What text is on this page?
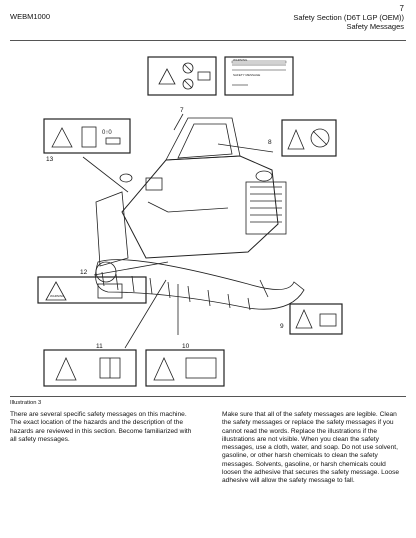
WEBM1000
7
Safety Section (D6T LGP (OEM))
Safety Messages
0↑0
7
8
13
12
9
11	10
WARNING
SAFETY MESSAGE
WARNING
Illustration 3
There are several specific safety messages on this machine. The exact location of the hazards and the description of the hazards are reviewed in this section. Become familiarized with all safety messages.
Make sure that all of the safety messages are legible. Clean the safety messages or replace the safety messages if you cannot read the words. Replace the illustrations if the illustrations are not visible. When you clean the safety messages, use a cloth, water, and soap. Do not use solvent, gasoline, or other harsh chemicals to clean the safety messages. Solvents, gasoline, or harsh chemicals could loosen the adhesive that secures the safety message. Loose adhesive will allow the safety message to fall.
